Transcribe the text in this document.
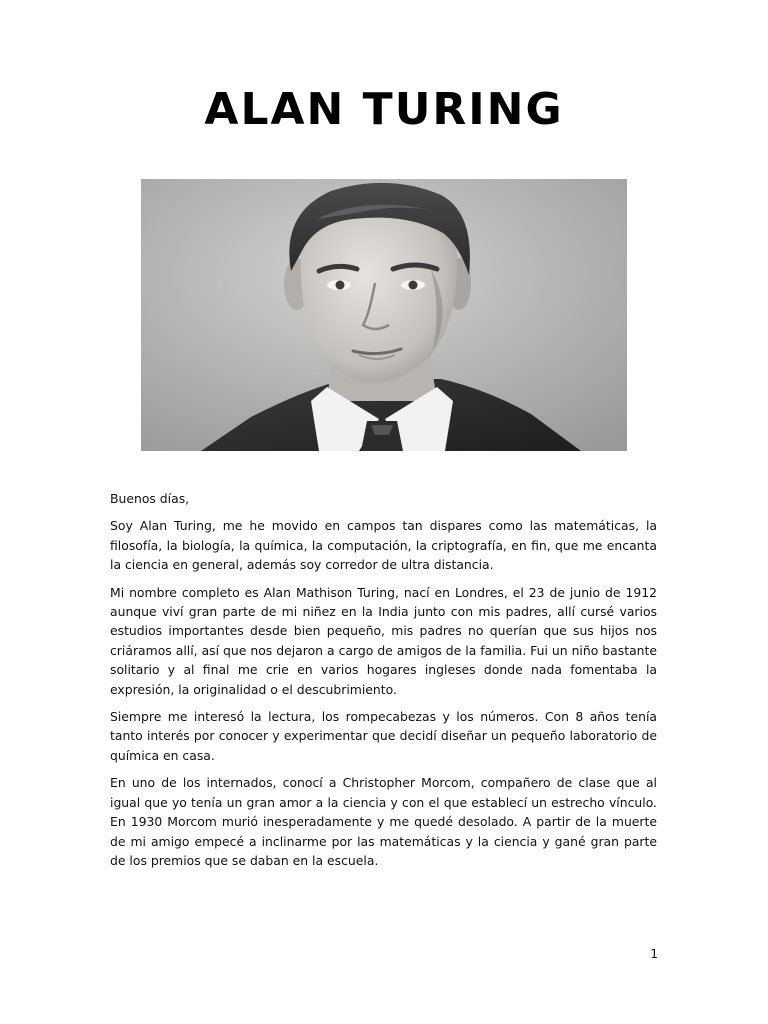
ALAN TURING

Buenos días,

Soy Alan Turing, me he movido en campos tan dispares como las matemáticas, la filosofía, la biología, la química, la computación, la criptografía, en fin, que me encanta la ciencia en general, además soy corredor de ultra distancia.

Mi nombre completo es Alan Mathison Turing, nací en Londres, el 23 de junio de 1912 aunque viví gran parte de mi niñez en la India junto con mis padres, allí cursé varios estudios importantes desde bien pequeño, mis padres no querían que sus hijos nos criáramos allí, así que nos dejaron a cargo de amigos de la familia. Fui un niño bastante solitario y al final me crie en varios hogares ingleses donde nada fomentaba la expresión, la originalidad o el descubrimiento.

Siempre me interesó la lectura, los rompecabezas y los números. Con 8 años tenía tanto interés por conocer y experimentar que decidí diseñar un pequeño laboratorio de química en casa.

En uno de los internados, conocí a Christopher Morcom, compañero de clase que al igual que yo tenía un gran amor a la ciencia y con el que establecí un estrecho vínculo. En 1930 Morcom murió inesperadamente y me quedé desolado. A partir de la muerte de mi amigo empecé a inclinarme por las matemáticas y la ciencia y gané gran parte de los premios que se daban en la escuela.

1
